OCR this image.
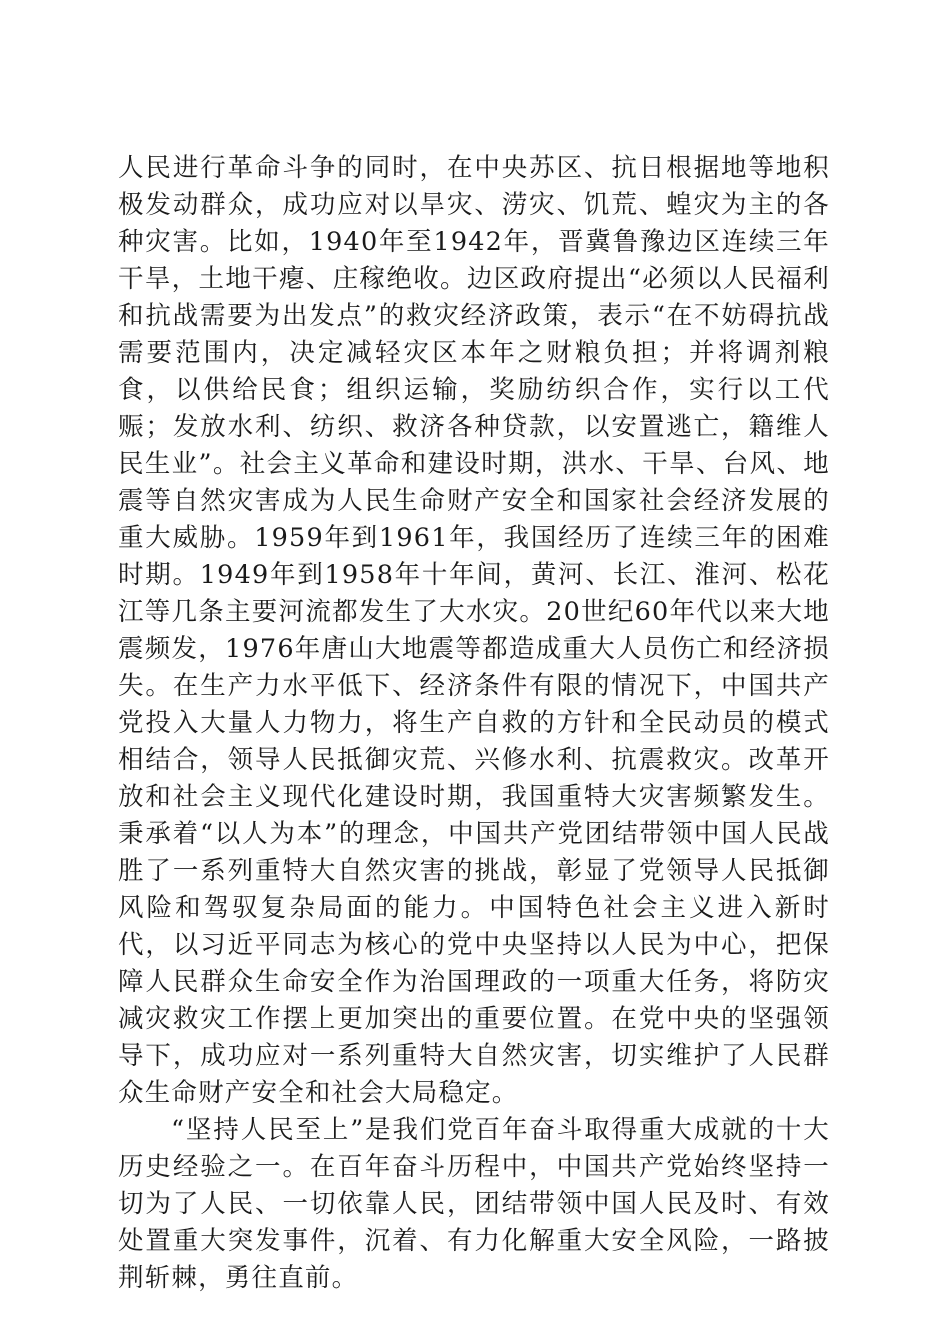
人民进行革命斗争的同时，在中央苏区、抗日根据地等地积极发动群众，成功应对以旱灾、涝灾、饥荒、蝗灾为主的各种灾害。比如，1940年至1942年，晋冀鲁豫边区连续三年干旱，土地干瘪、庄稼绝收。边区政府提出“必须以人民福利和抗战需要为出发点”的救灾经济政策，表示“在不妨碍抗战需要范围内，决定减轻灾区本年之财粮负担；并将调剂粮食，以供给民食；组织运输，奖励纺织合作，实行以工代赈；发放水利、纺织、救济各种贷款，以安置逃亡，籍维人民生业”。社会主义革命和建设时期，洪水、干旱、台风、地震等自然灾害成为人民生命财产安全和国家社会经济发展的重大威胁。1959年到1961年，我国经历了连续三年的困难时期。1949年到1958年十年间，黄河、长江、淮河、松花江等几条主要河流都发生了大水灾。20世纪60年代以来大地震频发，1976年唐山大地震等都造成重大人员伤亡和经济损失。在生产力水平低下、经济条件有限的情况下，中国共产党投入大量人力物力，将生产自救的方针和全民动员的模式相结合，领导人民抵御灾荒、兴修水利、抗震救灾。改革开放和社会主义现代化建设时期，我国重特大灾害频繁发生。秉承着“以人为本”的理念，中国共产党团结带领中国人民战胜了一系列重特大自然灾害的挑战，彰显了党领导人民抵御风险和驾驭复杂局面的能力。中国特色社会主义进入新时代，以习近平同志为核心的党中央坚持以人民为中心，把保障人民群众生命安全作为治国理政的一项重大任务，将防灾减灾救灾工作摆上更加突出的重要位置。在党中央的坚强领导下，成功应对一系列重特大自然灾害，切实维护了人民群众生命财产安全和社会大局稳定。

“坚持人民至上”是我们党百年奋斗取得重大成就的十大历史经验之一。在百年奋斗历程中，中国共产党始终坚持一切为了人民、一切依靠人民，团结带领中国人民及时、有效处置重大突发事件，沉着、有力化解重大安全风险，一路披荆斩棘，勇往直前。
